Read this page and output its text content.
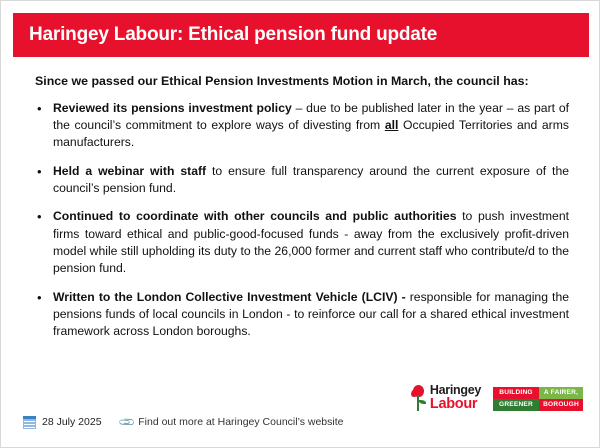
Haringey Labour: Ethical pension fund update
Since we passed our Ethical Pension Investments Motion in March, the council has:
• Reviewed its pensions investment policy – due to be published later in the year – as part of the council’s commitment to explore ways of divesting from all Occupied Territories and arms manufacturers.
• Held a webinar with staff to ensure full transparency around the current exposure of the council’s pension fund.
• Continued to coordinate with other councils and public authorities to push investment firms toward ethical and public-good-focused funds - away from the exclusively profit-driven model while still upholding its duty to the 26,000 former and current staff who contribute/d to the pension fund.
• Written to the London Collective Investment Vehicle (LCIV) - responsible for managing the pensions funds of local councils in London - to reinforce our call for a shared ethical investment framework across London boroughs.
Haringey
Labour
BUILDING	A FAIRER,
GREENER	BOROUGH
28 July 2025 📎 Find out more at Haringey Council’s website
